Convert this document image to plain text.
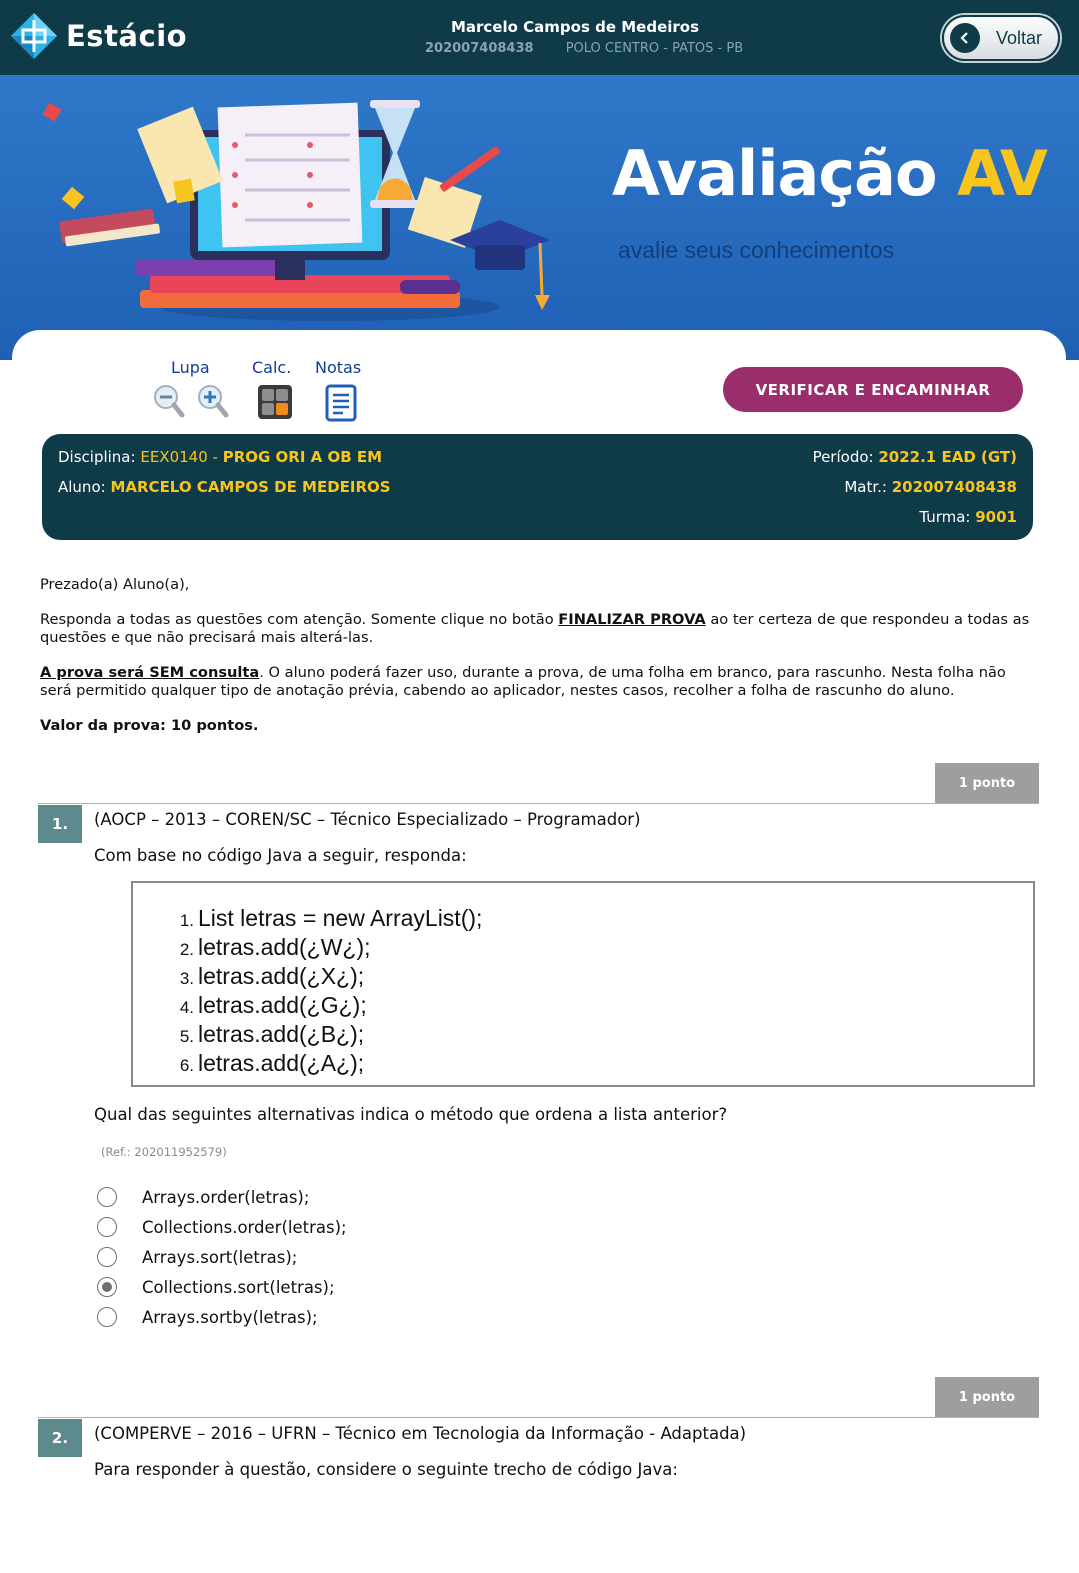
Estácio	Marcelo Campos de Medeiros
202007408438 POLO CENTRO - PATOS - PB
Voltar
Avaliação AV
avalie seus conhecimentos
Lupa	Calc. Notas
VERIFICAR E ENCAMINHAR
Disciplina: EEX0140 - PROG ORI A OB EM
Aluno: MARCELO CAMPOS DE MEDEIROS
Período: 2022.1 EAD (GT)
Matr.: 202007408438
Turma: 9001

Prezado(a) Aluno(a),

Responda a todas as questões com atenção. Somente clique no botão FINALIZAR PROVA ao ter certeza de que respondeu a todas as questões e que não precisará mais alterá-las.

A prova será SEM consulta. O aluno poderá fazer uso, durante a prova, de uma folha em branco, para rascunho. Nesta folha não será permitido qualquer tipo de anotação prévia, cabendo ao aplicador, nestes casos, recolher a folha de rascunho do aluno.

Valor da prova: 10 pontos.

1 ponto
1.	(AOCP – 2013 – COREN/SC – Técnico Especializado – Programador)
Com base no código Java a seguir, responda:
1. List letras = new ArrayList();
2. letras.add(¿W¿);
3. letras.add(¿X¿);
4. letras.add(¿G¿);
5. letras.add(¿B¿);
6. letras.add(¿A¿);
Qual das seguintes alternativas indica o método que ordena a lista anterior?
(Ref.: 202011952579)
Arrays.order(letras);
Collections.order(letras);
Arrays.sort(letras);
Collections.sort(letras);
Arrays.sortby(letras);
1 ponto
2.	(COMPERVE – 2016 – UFRN – Técnico em Tecnologia da Informação - Adaptada)
Para responder à questão, considere o seguinte trecho de código Java:
